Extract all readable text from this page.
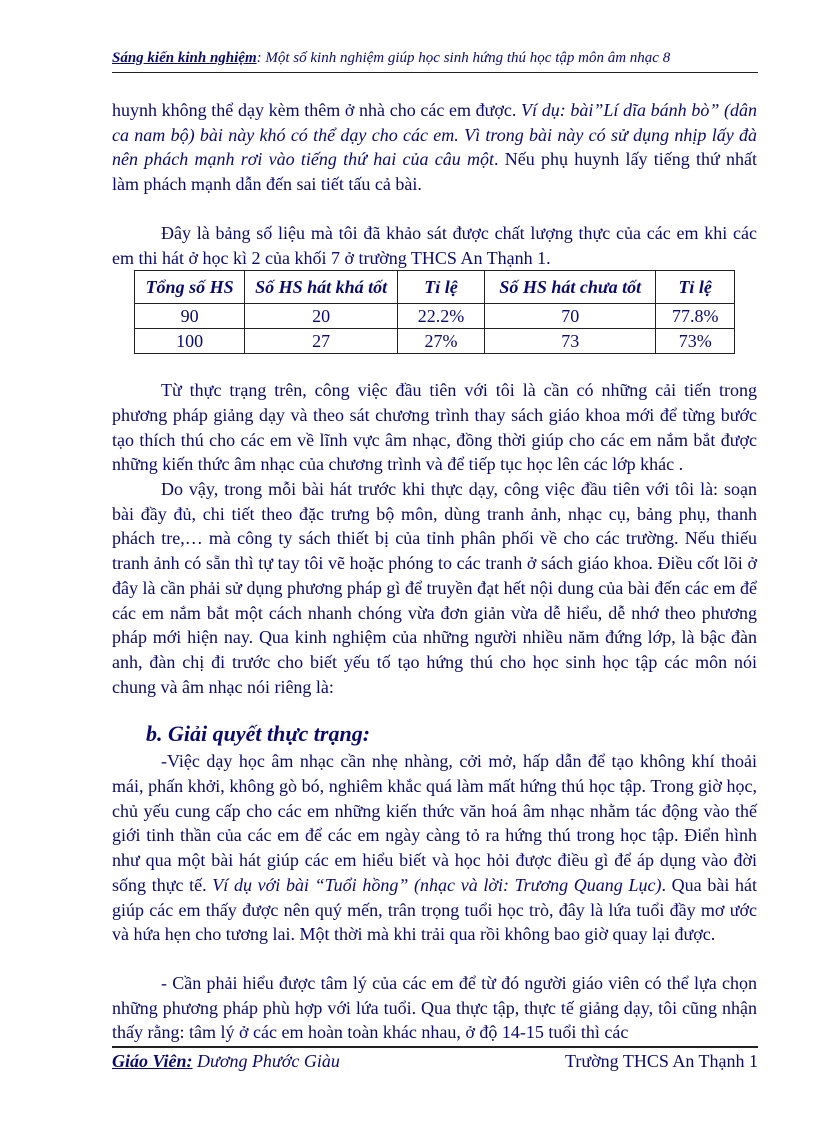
Sáng kiến kinh nghiệm: Một số kinh nghiệm giúp học sinh hứng thú học tập môn âm nhạc 8

huynh không thể dạy kèm thêm ở nhà cho các em được. Ví dụ: bài”Lí dĩa bánh bò” (dân ca nam bộ) bài này khó có thể dạy cho các em. Vì trong bài này có sử dụng nhịp lấy đà nên phách mạnh rơi vào tiếng thứ hai của câu một. Nếu phụ huynh lấy tiếng thứ nhất làm phách mạnh dẫn đến sai tiết tấu cả bài.

Đây là bảng số liệu mà tôi đã khảo sát được chất lượng thực của các em khi các em thi hát ở học kì 2 của khối 7 ở trường THCS An Thạnh 1.

Tổng số HS	Số HS hát khá tốt	Tỉ lệ	Số HS hát chưa tốt	Tỉ lệ
90	20	22.2%	70	77.8%
100	27	27%	73	73%

Từ thực trạng trên, công việc đầu tiên với tôi là cần có những cải tiến trong phương pháp giảng dạy và theo sát chương trình thay sách giáo khoa mới để từng bước tạo thích thú cho các em về lĩnh vực âm nhạc, đồng thời giúp cho các em nắm bắt được những kiến thức âm nhạc của chương trình và để tiếp tục học lên các lớp khác .

Do vậy, trong mỗi bài hát trước khi thực dạy, công việc đầu tiên với tôi là: soạn bài đầy đủ, chi tiết theo đặc trưng bộ môn, dùng tranh ảnh, nhạc cụ, bảng phụ, thanh phách tre,… mà công ty sách thiết bị của tỉnh phân phối về cho các trường. Nếu thiếu tranh ảnh có sẵn thì tự tay tôi vẽ hoặc phóng to các tranh ở sách giáo khoa. Điều cốt lõi ở đây là cần phải sử dụng phương pháp gì để truyền đạt hết nội dung của bài đến các em để các em nắm bắt một cách nhanh chóng vừa đơn giản vừa dễ hiểu, dễ nhớ theo phương pháp mới hiện nay. Qua kinh nghiệm của những người nhiều năm đứng lớp, là bậc đàn anh, đàn chị đi trước cho biết yếu tố tạo hứng thú cho học sinh học tập các môn nói chung và âm nhạc nói riêng là:

b. Giải quyết thực trạng:

-Việc dạy học âm nhạc cần nhẹ nhàng, cởi mở, hấp dẫn để tạo không khí thoải mái, phấn khởi, không gò bó, nghiêm khắc quá làm mất hứng thú học tập. Trong giờ học, chủ yếu cung cấp cho các em những kiến thức văn hoá âm nhạc nhằm tác động vào thế giới tinh thần của các em để các em ngày càng tỏ ra hứng thú trong học tập. Điển hình như qua một bài hát giúp các em hiểu biết và học hỏi được điều gì để áp dụng vào đời sống thực tế. Ví dụ với bài “Tuổi hồng” (nhạc và lời: Trương Quang Lục). Qua bài hát giúp các em thấy được nên quý mến, trân trọng tuổi học trò, đây là lứa tuổi đầy mơ ước và hứa hẹn cho tương lai. Một thời mà khi trải qua rồi không bao giờ quay lại được.

- Cần phải hiểu được tâm lý của các em để từ đó người giáo viên có thể lựa chọn những phương pháp phù hợp với lứa tuổi. Qua thực tập, thực tế giảng dạy, tôi cũng nhận thấy rằng: tâm lý ở các em hoàn toàn khác nhau, ở độ 14-15 tuổi thì các

Giáo Viên: Dương Phước Giàu	Trường THCS An Thạnh 1
